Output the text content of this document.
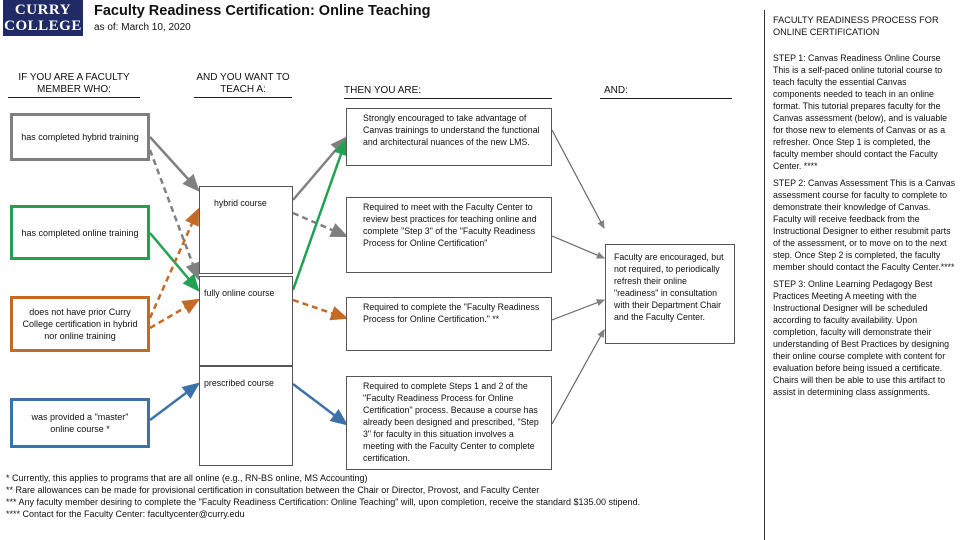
CURRY
COLLEGE
Faculty Readiness Certification: Online Teaching
as of: March 10, 2020
IF YOU ARE A FACULTY MEMBER WHO:
AND YOU WANT TO TEACH A:	THEN YOU ARE:	AND:
has completed hybrid training
has completed online training
does not have prior Curry College certification in hybrid nor online training
was provided a "master" online course *
hybrid course
fully online course
prescribed course
Strongly encouraged to take advantage of Canvas trainings to understand the functional and architectural nuances of the new LMS.
Required to meet with the Faculty Center to review best practices for teaching online and complete "Step 3" of the "Faculty Readiness Process for Online Certification"
Required to complete the "Faculty Readiness Process for Online Certification." **
Required to complete Steps 1 and 2 of the "Faculty Readiness Process for Online Certification" process. Because a course has already been designed and prescribed, "Step 3" for faculty in this situation involves a meeting with the Faculty Center to complete certification.
Faculty are encouraged, but not required, to periodically refresh their online "readiness" in consultation with their Department Chair and the Faculty Center.
FACULTY READINESS PROCESS FOR ONLINE CERTIFICATION
STEP 1: Canvas Readiness Online Course This is a self-paced online tutorial course to teach faculty the essential Canvas components needed to teach in an online format. This tutorial prepares faculty for the Canvas assessment (below), and is valuable for those new to elements of Canvas or as a refresher. Once Step 1 is completed, the faculty member should contact the Faculty Center. ****
STEP 2: Canvas Assessment This is a Canvas assessment course for faculty to complete to demonstrate their knowledge of Canvas. Faculty will receive feedback from the Instructional Designer to either resubmit parts of the assessment, or to move on to the next step. Once Step 2 is completed, the faculty member should contact the Faculty Center.****
STEP 3: Online Learning Pedagogy Best Practices Meeting A meeting with the Instructional Designer will be scheduled according to faculty availability. Upon completion, faculty will demonstrate their understanding of Best Practices by designing their online course complete with content for evaluation before being issued a certificate. Chairs will then be able to use this artifact to assist in determining class assignments.
* Currently, this applies to programs that are all online (e.g., RN-BS online, MS Accounting)
** Rare allowances can be made for provisional certification in consultation between the Chair or Director, Provost, and Faculty Center
*** Any faculty member desiring to complete the "Faculty Readiness Certification: Online Teaching" will, upon completion, receive the standard $135.00 stipend.
**** Contact for the Faculty Center: facultycenter@curry.edu
